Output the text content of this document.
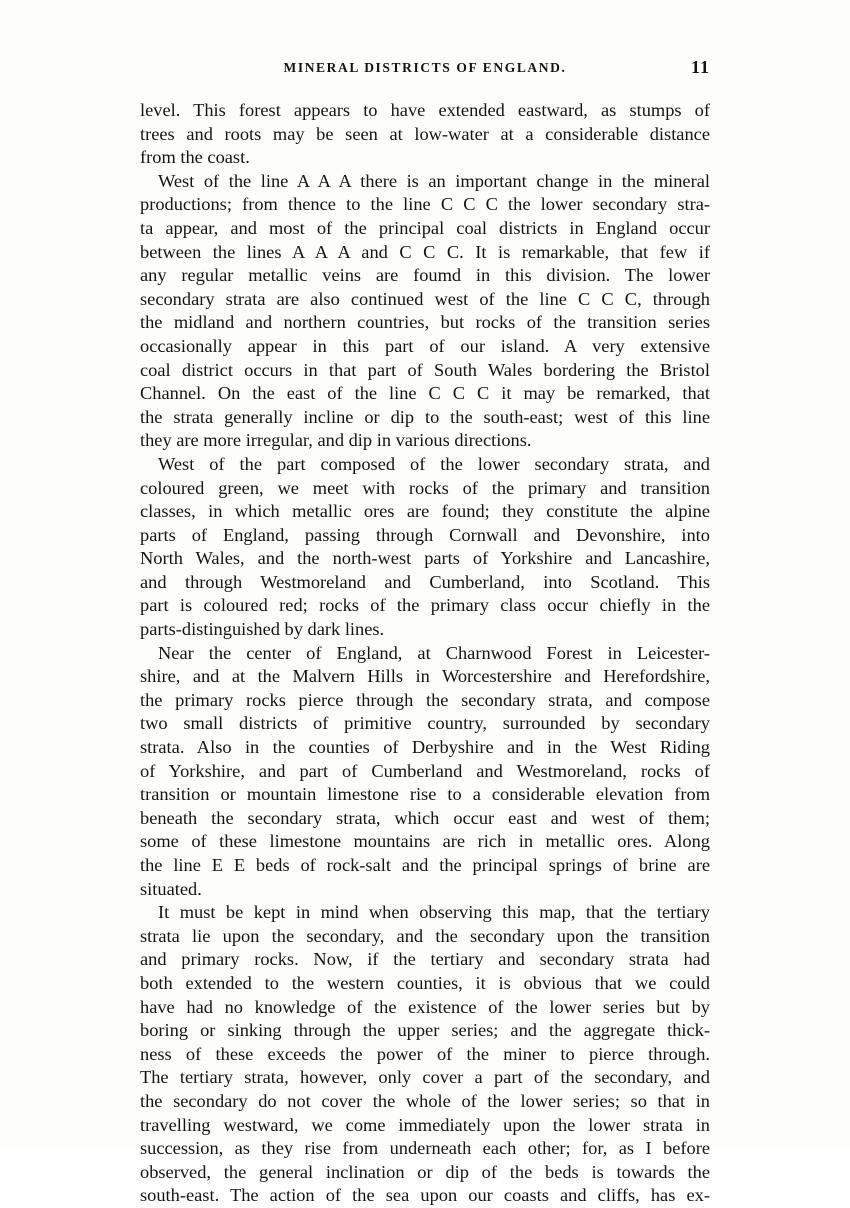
MINERAL DISTRICTS OF ENGLAND.	11
level. This forest appears to have extended eastward, as stumps of
trees and roots may be seen at low-water at a considerable distance
from the coast.
West of the line A A A there is an important change in the mineral
productions; from thence to the line C C C the lower secondary stra-
ta appear, and most of the principal coal districts in England occur
between the lines A A A and C C C. It is remarkable, that few if
any regular metallic veins are foumd in this division. The lower
secondary strata are also continued west of the line C C C, through
the midland and northern countries, but rocks of the transition series
occasionally appear in this part of our island. A very extensive
coal district occurs in that part of South Wales bordering the Bristol
Channel. On the east of the line C C C it may be remarked, that
the strata generally incline or dip to the south-east; west of this line
they are more irregular, and dip in various directions.
West of the part composed of the lower secondary strata, and
coloured green, we meet with rocks of the primary and transition
classes, in which metallic ores are found; they constitute the alpine
parts of England, passing through Cornwall and Devonshire, into
North Wales, and the north-west parts of Yorkshire and Lancashire,
and through Westmoreland and Cumberland, into Scotland. This
part is coloured red; rocks of the primary class occur chiefly in the
parts-distinguished by dark lines.
Near the center of England, at Charnwood Forest in Leicester-
shire, and at the Malvern Hills in Worcestershire and Herefordshire,
the primary rocks pierce through the secondary strata, and compose
two small districts of primitive country, surrounded by secondary
strata. Also in the counties of Derbyshire and in the West Riding
of Yorkshire, and part of Cumberland and Westmoreland, rocks of
transition or mountain limestone rise to a considerable elevation from
beneath the secondary strata, which occur east and west of them;
some of these limestone mountains are rich in metallic ores. Along
the line E E beds of rock-salt and the principal springs of brine are
situated.
It must be kept in mind when observing this map, that the tertiary
strata lie upon the secondary, and the secondary upon the transition
and primary rocks. Now, if the tertiary and secondary strata had
both extended to the western counties, it is obvious that we could
have had no knowledge of the existence of the lower series but by
boring or sinking through the upper series; and the aggregate thick-
ness of these exceeds the power of the miner to pierce through.
The tertiary strata, however, only cover a part of the secondary, and
the secondary do not cover the whole of the lower series; so that in
travelling westward, we come immediately upon the lower strata in
succession, as they rise from underneath each other; for, as I before
observed, the general inclination or dip of the beds is towards the
south-east. The action of the sea upon our coasts and cliffs, has ex-
